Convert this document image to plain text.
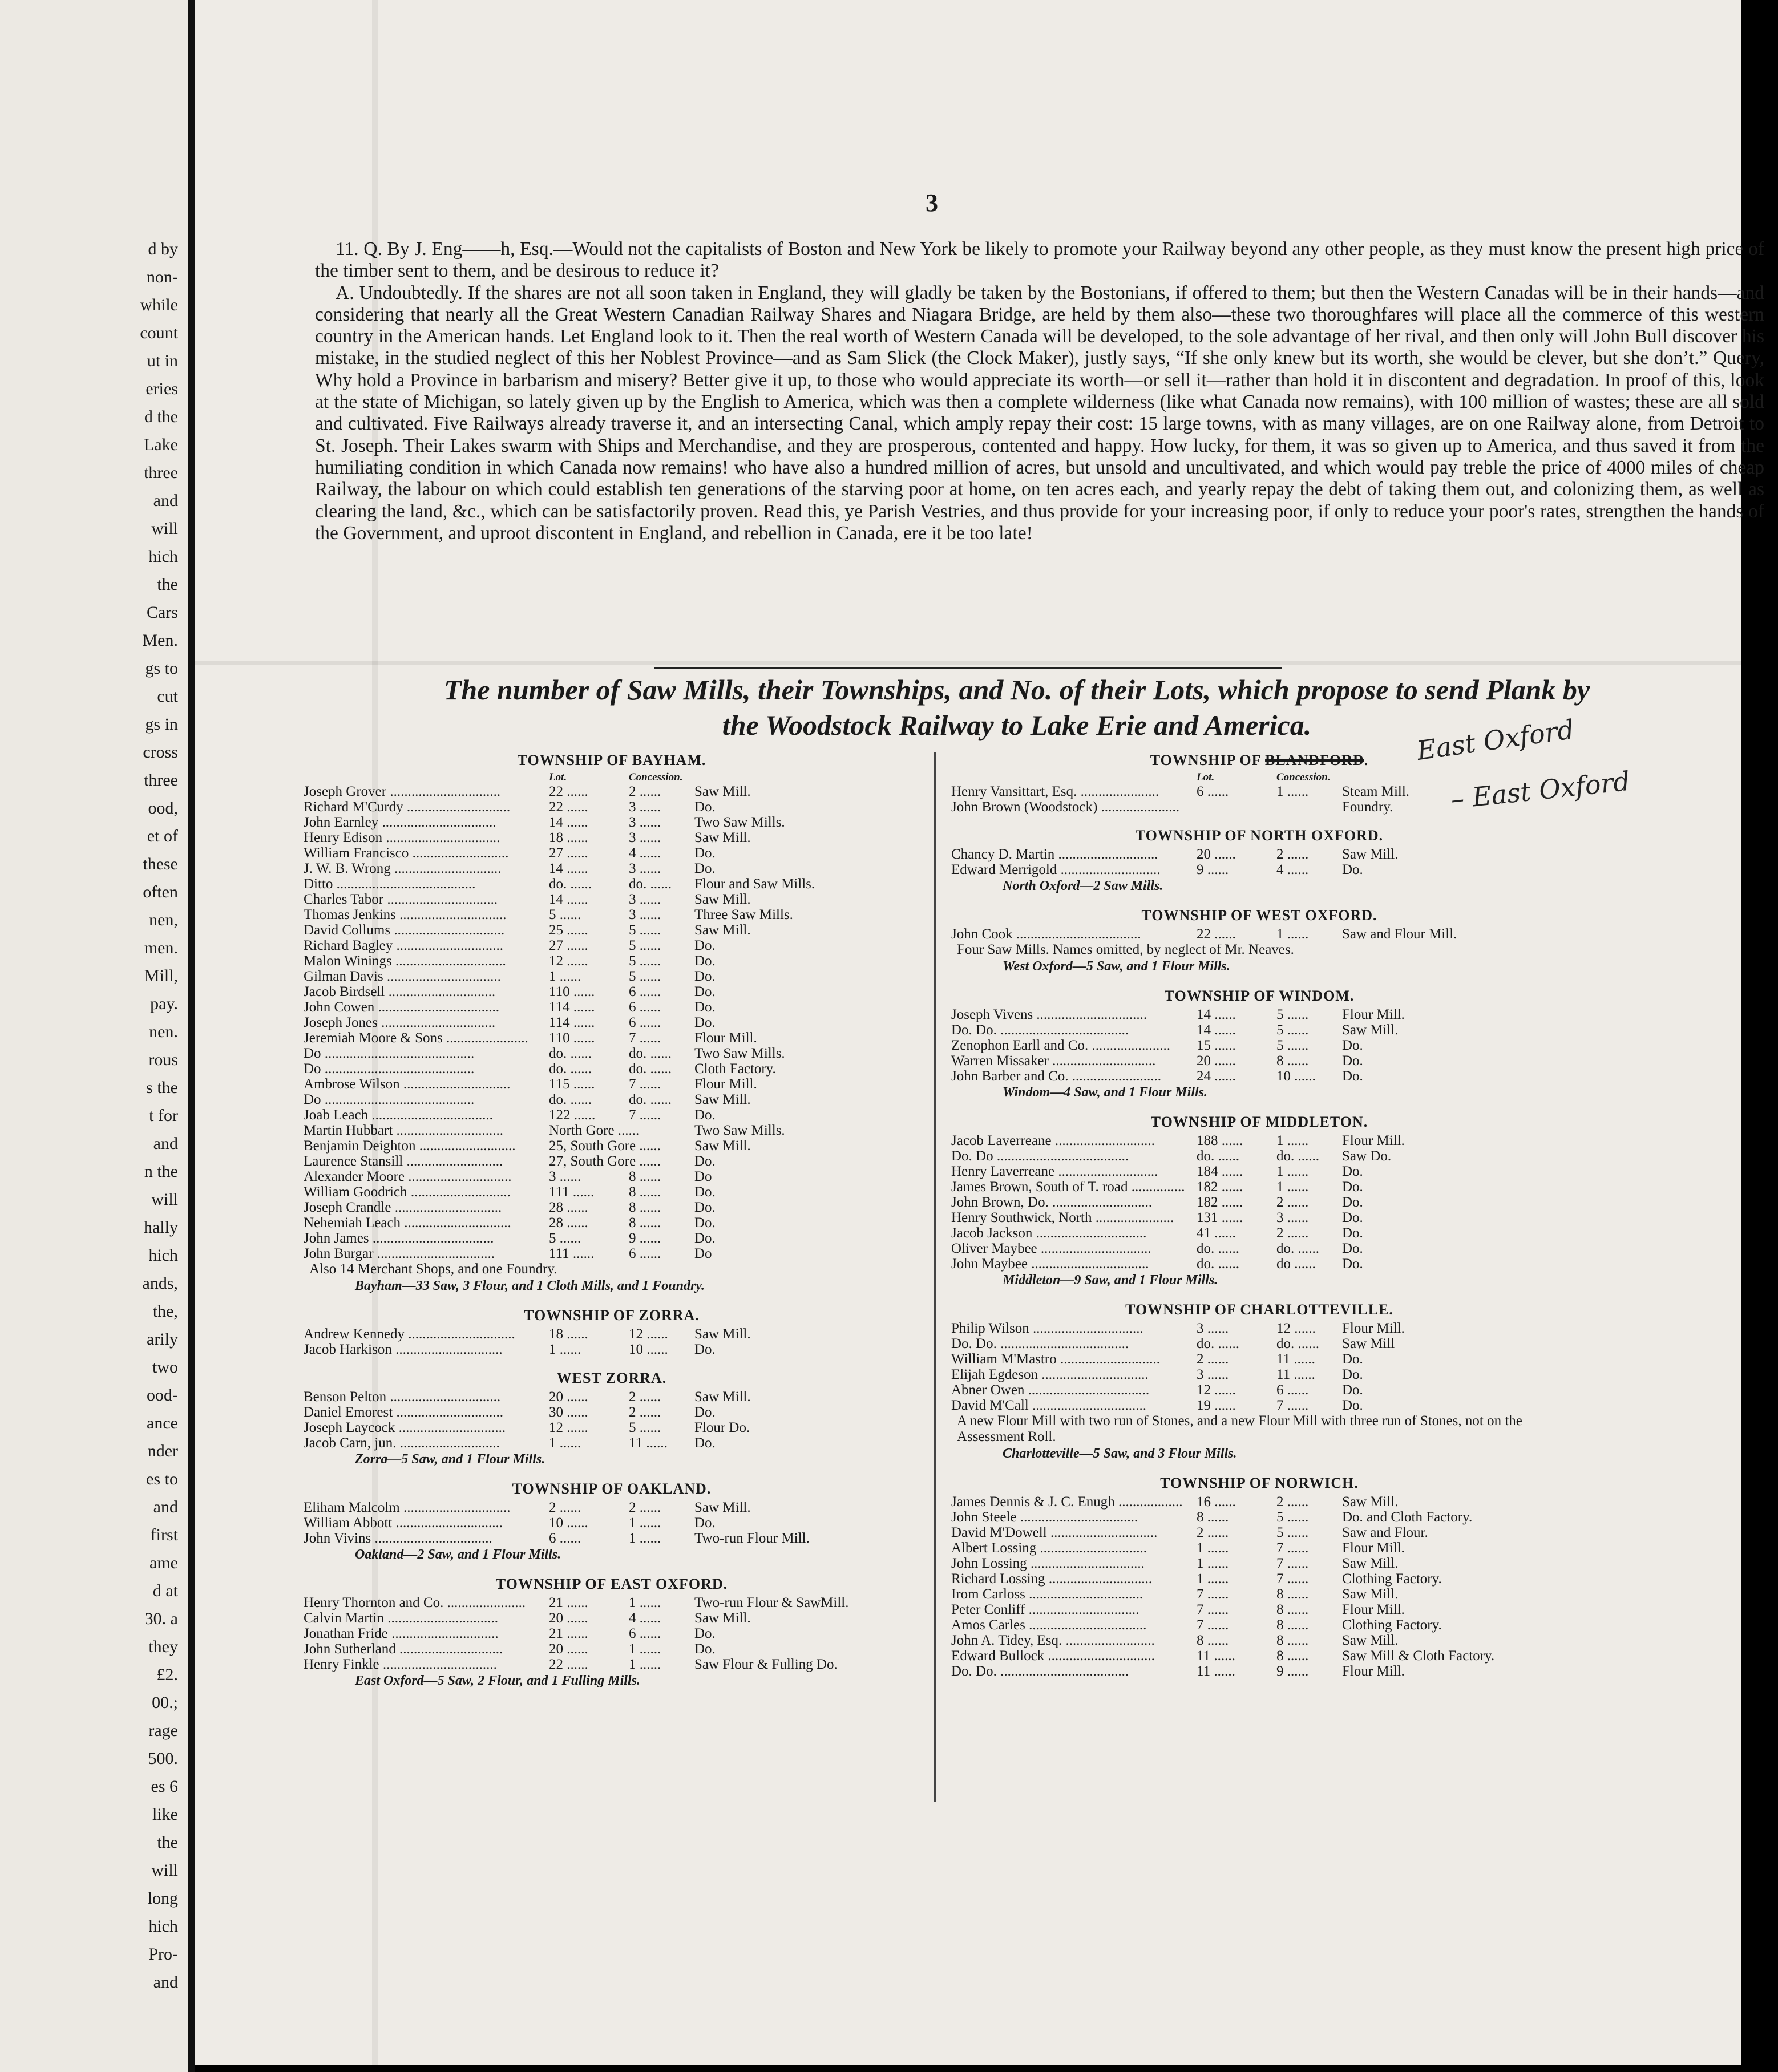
d by
non-
while
count
ut in
eries
d the
Lake
three
and
will
hich
the
Cars
Men.
gs to
cut
gs in
cross
three
ood,
et of
these
often
nen,
men.
Mill,
pay.
nen.
rous
s the
t for
and
n the
will
hally
hich
ands,
the,
arily
two
ood-
ance
nder
es to
and
first
ame
d at
30. a
they
£2.
00.;
rage
500.
es 6
like
the
will
long
hich
Pro-
and
3

11. Q. By J. Eng——h, Esq.—Would not the capitalists of Boston and New York be likely to promote your Railway beyond any other people, as they must know the present high price of the timber sent to them, and be desirous to reduce it?

A. Undoubtedly. If the shares are not all soon taken in England, they will gladly be taken by the Bostonians, if offered to them; but then the Western Canadas will be in their hands—and considering that nearly all the Great Western Canadian Railway Shares and Niagara Bridge, are held by them also—these two thoroughfares will place all the commerce of this western country in the American hands. Let England look to it. Then the real worth of Western Canada will be developed, to the sole advantage of her rival, and then only will John Bull discover his mistake, in the studied neglect of this her Noblest Province—and as Sam Slick (the Clock Maker), justly says, “If she only knew but its worth, she would be clever, but she don’t.” Query, Why hold a Province in barbarism and misery? Better give it up, to those who would appreciate its worth—or sell it—rather than hold it in discontent and degradation. In proof of this, look at the state of Michigan, so lately given up by the English to America, which was then a complete wilderness (like what Canada now remains), with 100 million of wastes; these are all sold and cultivated. Five Railways already traverse it, and an intersecting Canal, which amply repay their cost: 15 large towns, with as many villages, are on one Railway alone, from Detroit to St. Joseph. Their Lakes swarm with Ships and Merchandise, and they are prosperous, contented and happy. How lucky, for them, it was so given up to America, and thus saved it from the humiliating condition in which Canada now remains! who have also a hundred million of acres, but unsold and uncultivated, and which would pay treble the price of 4000 miles of cheap Railway, the labour on which could establish ten generations of the starving poor at home, on ten acres each, and yearly repay the debt of taking them out, and colonizing them, as well as clearing the land, &c., which can be satisfactorily proven. Read this, ye Parish Vestries, and thus provide for your increasing poor, if only to reduce your poor's rates, strengthen the hands of the Government, and uproot discontent in England, and rebellion in Canada, ere it be too late!

The number of Saw Mills, their Townships, and No. of their Lots, which propose to send Plank by
the Woodstock Railway to Lake Erie and America.
TOWNSHIP OF BAYHAM.
Lot.	Concession.
Joseph Grover ...............................	22 ......	2 ......	Saw Mill.
Richard M'Curdy .............................	22 ......	3 ......	Do.
John Earnley ................................	14 ......	3 ......	Two Saw Mills.
Henry Edison ................................	18 ......	3 ......	Saw Mill.
William Francisco ...........................	27 ......	4 ......	Do.
J. W. B. Wrong ..............................	14 ......	3 ......	Do.
Ditto .......................................	do. ......	do. ......	Flour and Saw Mills.
Charles Tabor ...............................	14 ......	3 ......	Saw Mill.
Thomas Jenkins ..............................	5 ......	3 ......	Three Saw Mills.
David Collums ...............................	25 ......	5 ......	Saw Mill.
Richard Bagley ..............................	27 ......	5 ......	Do.
Malon Winings ...............................	12 ......	5 ......	Do.
Gilman Davis ................................	1 ......	5 ......	Do.
Jacob Birdsell ..............................	110 ......	6 ......	Do.
John Cowen ..................................	114 ......	6 ......	Do.
Joseph Jones ................................	114 ......	6 ......	Do.
Jeremiah Moore & Sons .......................	110 ......	7 ......	Flour Mill.
Do ..........................................	do. ......	do. ......	Two Saw Mills.
Do ..........................................	do. ......	do. ......	Cloth Factory.
Ambrose Wilson ..............................	115 ......	7 ......	Flour Mill.
Do ..........................................	do. ......	do. ......	Saw Mill.
Joab Leach ..................................	122 ......	7 ......	Do.
Martin Hubbart ..............................	North Gore ......	Two Saw Mills.
Benjamin Deighton ...........................	25, South Gore ...... Saw Mill.
Laurence Stansill ...........................	27, South Gore ...... Do.
Alexander Moore .............................	3 ......	8 ......	Do
William Goodrich ............................	111 ......	8 ......	Do.
Joseph Crandle ..............................	28 ......	8 ......	Do.
Nehemiah Leach ..............................	28 ......	8 ......	Do.
John James ..................................	5 ......	9 ......	Do.
John Burgar .................................	111 ......	6 ......	Do
Also 14 Merchant Shops, and one Foundry.
Bayham—33 Saw, 3 Flour, and 1 Cloth Mills, and 1 Foundry.
TOWNSHIP OF ZORRA.
Andrew Kennedy ..............................	18 ......	12 ......	Saw Mill.
Jacob Harkison ..............................	1 ......	10 ......	Do.
WEST ZORRA.
Benson Pelton ...............................	20 ......	2 ......	Saw Mill.
Daniel Emorest ..............................	30 ......	2 ......	Do.
Joseph Laycock ..............................	12 ......	5 ......	Flour Do.
Jacob Carn, jun. ............................	1 ......	11 ......	Do.
Zorra—5 Saw, and 1 Flour Mills.
TOWNSHIP OF OAKLAND.
Eliham Malcolm ..............................	2 ......	2 ......	Saw Mill.
William Abbott ..............................	10 ......	1 ......	Do.
John Vivins .................................	6 ......	1 ......	Two-run Flour Mill.
Oakland—2 Saw, and 1 Flour Mills.
TOWNSHIP OF EAST OXFORD.
Henry Thornton and Co. ......................	21 ......	1 ......	Two-run Flour & SawMill.
Calvin Martin ...............................	20 ......	4 ......	Saw Mill.
Jonathan Fride ..............................	21 ......	6 ......	Do.
John Sutherland .............................	20 ......	1 ......	Do.
Henry Finkle ................................	22 ......	1 ......	Saw Flour & Fulling Do.
East Oxford—5 Saw, 2 Flour, and 1 Fulling Mills.
TOWNSHIP OF BLANDFORD.
Lot.	Concession.
Henry Vansittart, Esq. ......................	6 ......	1 ......	Steam Mill.
John Brown (Woodstock) ......................	Foundry.
TOWNSHIP OF NORTH OXFORD.
Chancy D. Martin ............................	20 ......	2 ......	Saw Mill.
Edward Merrigold ............................	9 ......	4 ......	Do.
North Oxford—2 Saw Mills.
TOWNSHIP OF WEST OXFORD.
John Cook ...................................	22 ......	1 ......	Saw and Flour Mill.
Four Saw Mills. Names omitted, by neglect of Mr. Neaves.
West Oxford—5 Saw, and 1 Flour Mills.
TOWNSHIP OF WINDOM.
Joseph Vivens ...............................	14 ......	5 ......	Flour Mill.
Do. Do. ....................................	14 ......	5 ......	Saw Mill.
Zenophon Earll and Co. ......................	15 ......	5 ......	Do.
Warren Missaker .............................	20 ......	8 ......	Do.
John Barber and Co. .........................	24 ......	10 ......	Do.
Windom—4 Saw, and 1 Flour Mills.
TOWNSHIP OF MIDDLETON.
Jacob Laverreane ............................	188 ......	1 ......	Flour Mill.
Do. Do .....................................	do. ......	do. ......	Saw Do.
Henry Laverreane ............................	184 ......	1 ......	Do.
James Brown, South of T. road ............... 182 ......	1 ......	Do.
John Brown, Do. ............................	182 ......	2 ......	Do.
Henry Southwick, North ......................	131 ......	3 ......	Do.
Jacob Jackson ...............................	41 ......	2 ......	Do.
Oliver Maybee ...............................	do. ......	do. ......	Do.
John Maybee .................................	do. ......	do ......	Do.
Middleton—9 Saw, and 1 Flour Mills.
TOWNSHIP OF CHARLOTTEVILLE.
Philip Wilson ...............................	3 ......	12 ......	Flour Mill.
Do. Do. ....................................	do. ......	do. ......	Saw Mill
William M'Mastro ............................	2 ......	11 ......	Do.
Elijah Egdeson ..............................	3 ......	11 ......	Do.
Abner Owen ..................................	12 ......	6 ......	Do.
David M'Call ................................	19 ......	7 ......	Do.
A new Flour Mill with two run of Stones, and a new Flour Mill with three run of Stones, not on the Assessment Roll.
Charlotteville—5 Saw, and 3 Flour Mills.
TOWNSHIP OF NORWICH.
James Dennis & J. C. Enugh .................. 16 ......	2 ......	Saw Mill.
John Steele .................................	8 ......	5 ......	Do. and Cloth Factory.
David M'Dowell ..............................	2 ......	5 ......	Saw and Flour.
Albert Lossing ..............................	1 ......	7 ......	Flour Mill.
John Lossing ................................	1 ......	7 ......	Saw Mill.
Richard Lossing .............................	1 ......	7 ......	Clothing Factory.
Irom Carloss ................................	7 ......	8 ......	Saw Mill.
Peter Conliff ...............................	7 ......	8 ......	Flour Mill.
Amos Carles .................................	7 ......	8 ......	Clothing Factory.
John A. Tidey, Esq. .........................	8 ......	8 ......	Saw Mill.
Edward Bullock ..............................	11 ......	8 ......	Saw Mill & Cloth Factory.
Do. Do. ....................................	11 ......	9 ......	Flour Mill.
East Oxford
– East Oxford
